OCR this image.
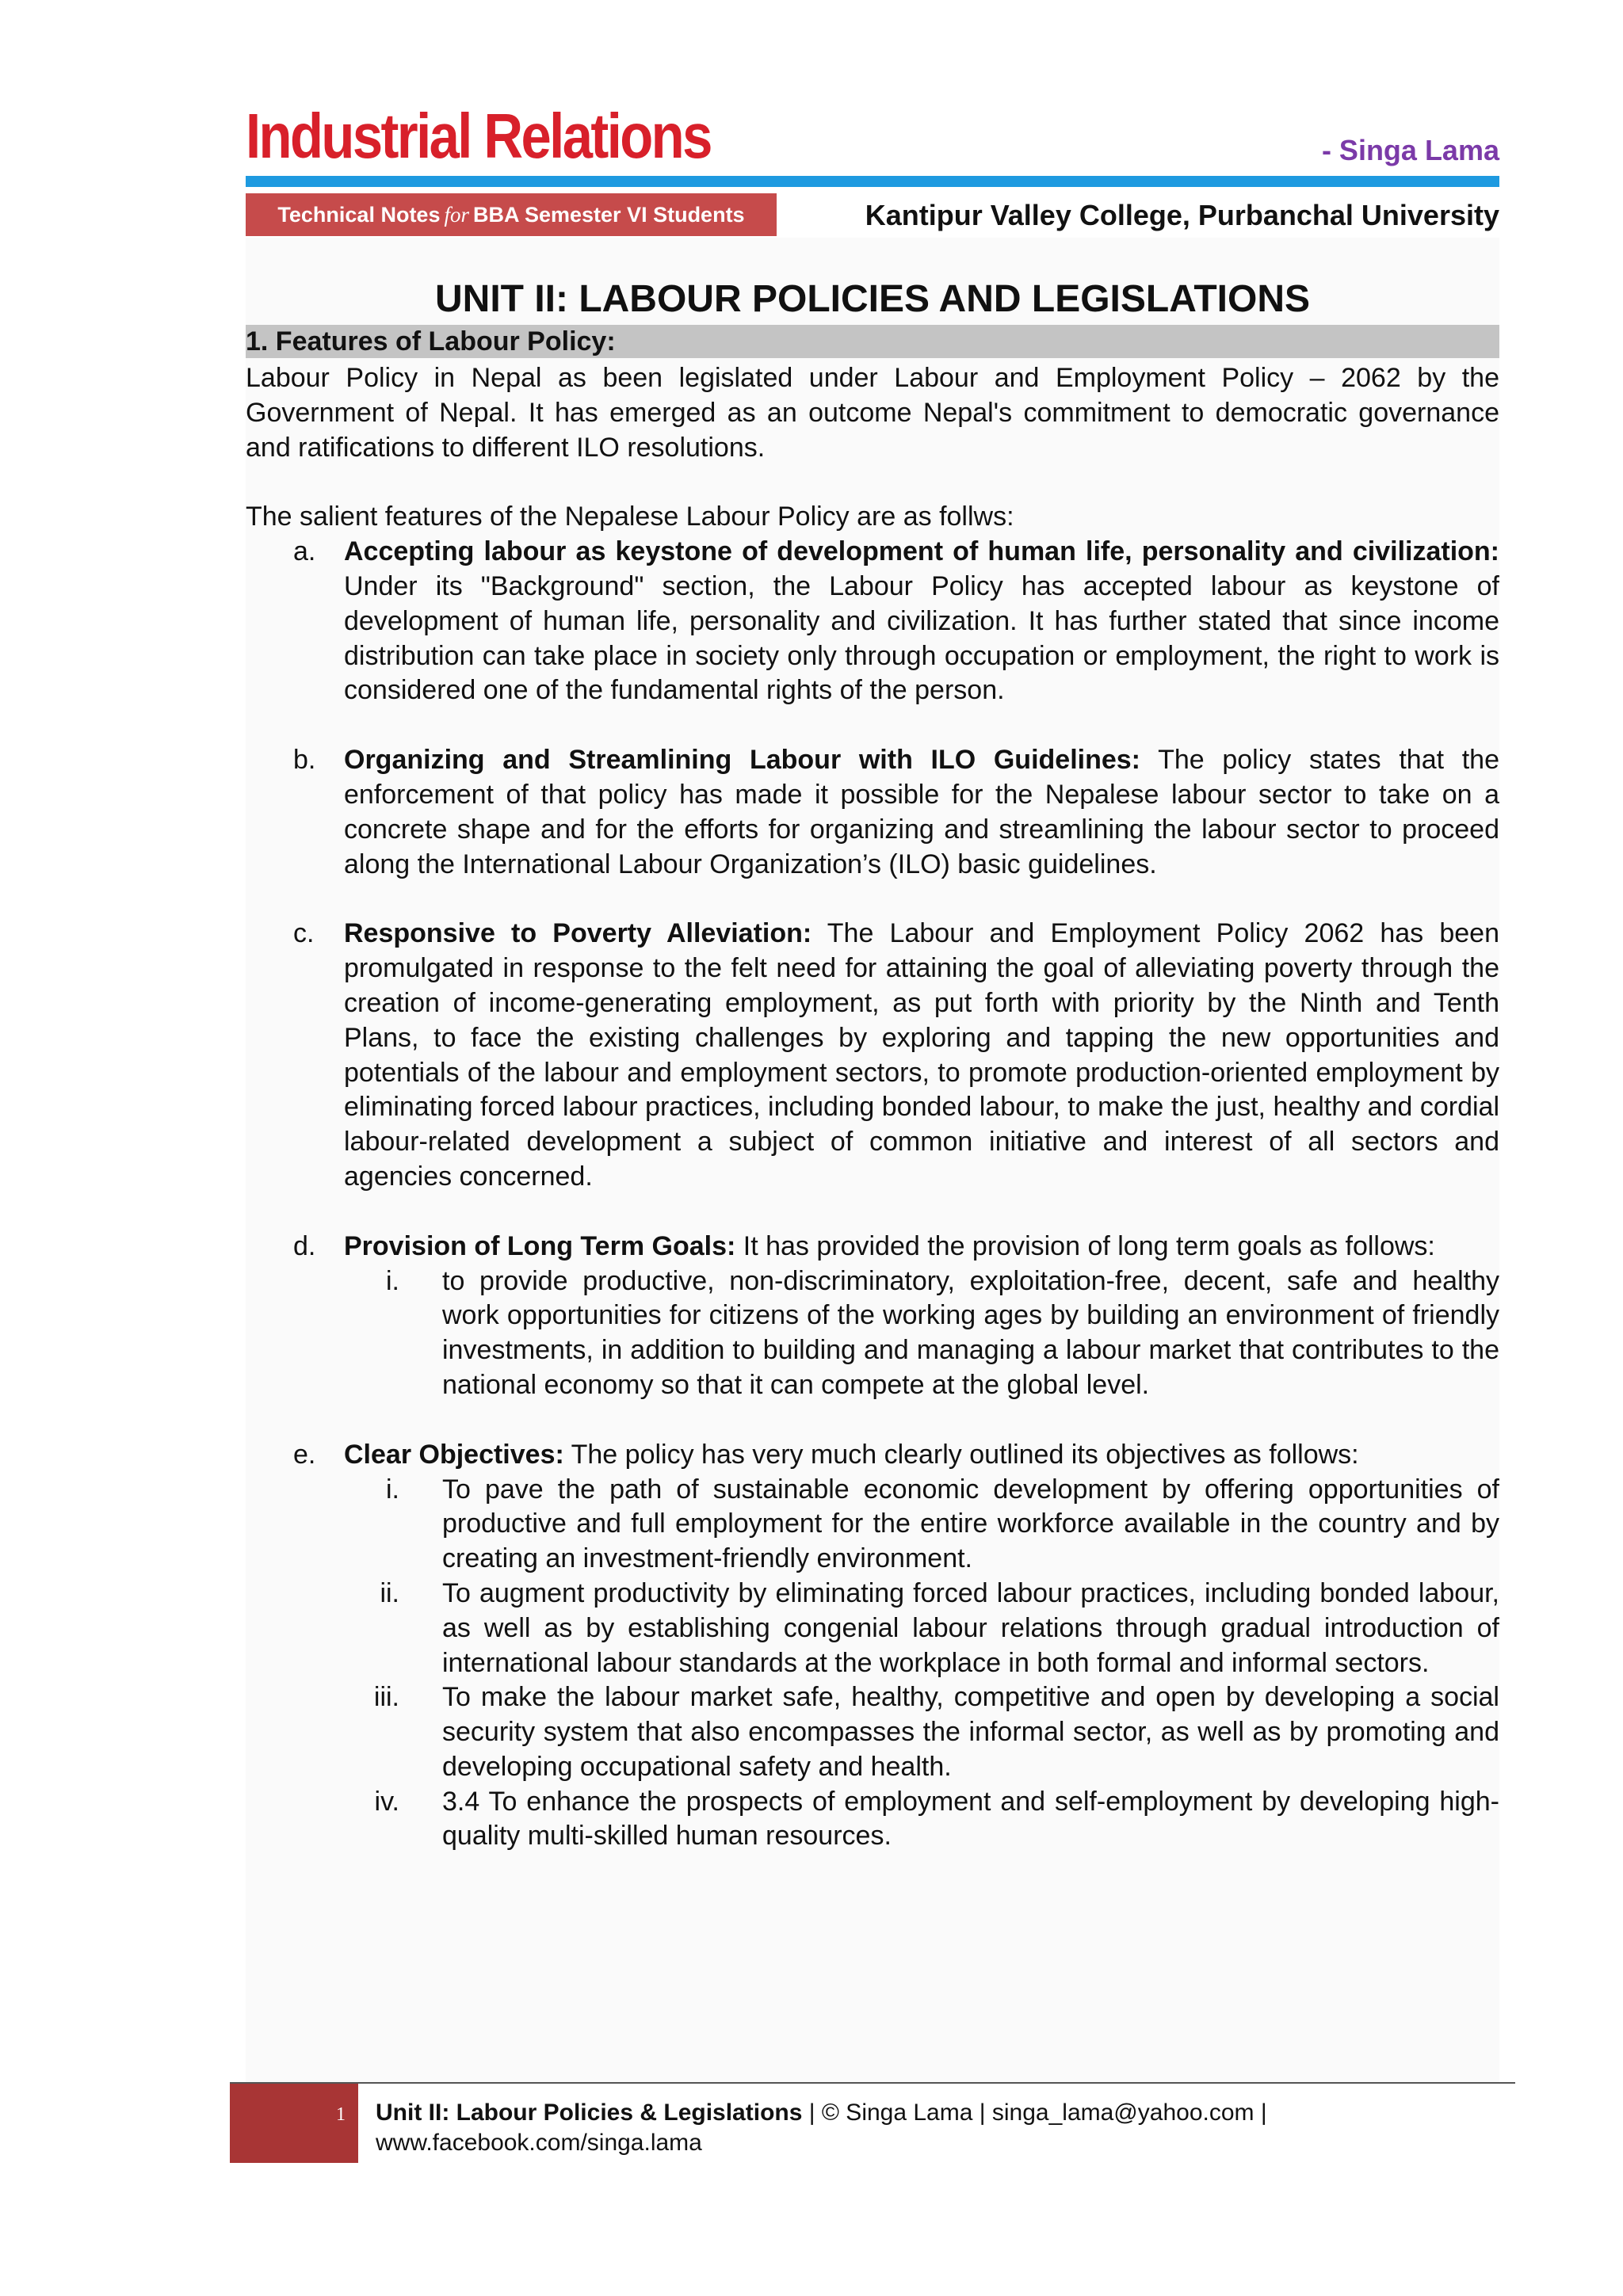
Industrial Relations	- Singa Lama
Technical Notes for BBA Semester VI Students	Kantipur Valley College, Purbanchal University
UNIT II: LABOUR POLICIES AND LEGISLATIONS
1. Features of Labour Policy:

Labour Policy in Nepal as been legislated under Labour and Employment Policy – 2062 by the Government of Nepal. It has emerged as an outcome Nepal's commitment to democratic governance and ratifications to different ILO resolutions.

The salient features of the Nepalese Labour Policy are as follws:

a. Accepting labour as keystone of development of human life, personality and civilization: Under its "Background" section, the Labour Policy has accepted labour as keystone of development of human life, personality and civilization. It has further stated that since income distribution can take place in society only through occupation or employment, the right to work is considered one of the fundamental rights of the person.
b. Organizing and Streamlining Labour with ILO Guidelines: The policy states that the enforcement of that policy has made it possible for the Nepalese labour sector to take on a concrete shape and for the efforts for organizing and streamlining the labour sector to proceed along the International Labour Organization’s (ILO) basic guidelines.
c. Responsive to Poverty Alleviation: The Labour and Employment Policy 2062 has been promulgated in response to the felt need for attaining the goal of alleviating poverty through the creation of income-generating employment, as put forth with priority by the Ninth and Tenth Plans, to face the existing challenges by exploring and tapping the new opportunities and potentials of the labour and employment sectors, to promote production-oriented employment by eliminating forced labour practices, including bonded labour, to make the just, healthy and cordial labour-related development a subject of common initiative and interest of all sectors and agencies concerned.
d. Provision of Long Term Goals: It has provided the provision of long term goals as follows:
i. to provide productive, non-discriminatory, exploitation-free, decent, safe and healthy work opportunities for citizens of the working ages by building an environment of friendly investments, in addition to building and managing a labour market that contributes to the national economy so that it can compete at the global level.
e. Clear Objectives: The policy has very much clearly outlined its objectives as follows:
i. To pave the path of sustainable economic development by offering opportunities of productive and full employment for the entire workforce available in the country and by creating an investment-friendly environment.
ii. To augment productivity by eliminating forced labour practices, including bonded labour, as well as by establishing congenial labour relations through gradual introduction of international labour standards at the workplace in both formal and informal sectors.
iii. To make the labour market safe, healthy, competitive and open by developing a social security system that also encompasses the informal sector, as well as by promoting and developing occupational safety and health.
iv. 3.4 To enhance the prospects of employment and self-employment by developing high-quality multi-skilled human resources.
1 Unit II: Labour Policies & Legislations | © Singa Lama | singa_lama@yahoo.com |
www.facebook.com/singa.lama
